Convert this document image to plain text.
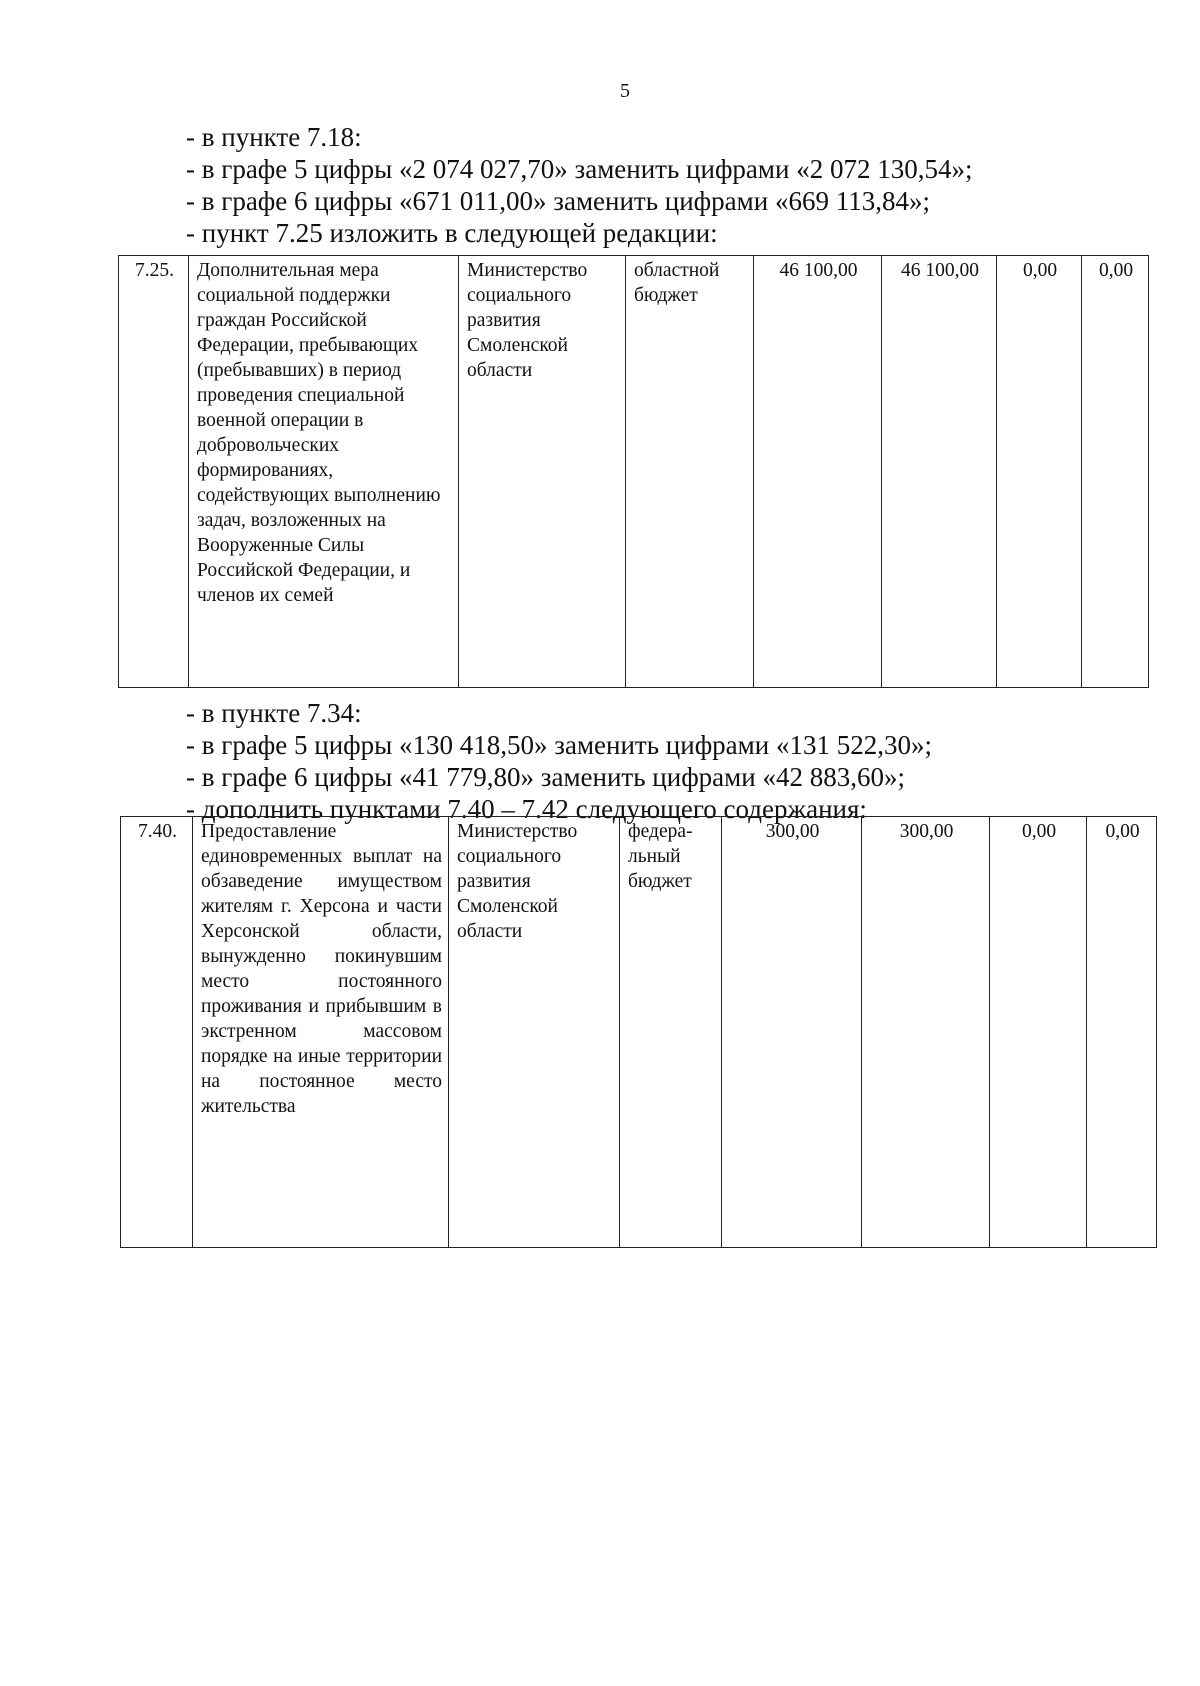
5
- в пункте 7.18:
- в графе 5 цифры «2 074 027,70» заменить цифрами «2 072 130,54»;
- в графе 6 цифры «671 011,00» заменить цифрами «669 113,84»;
- пункт 7.25 изложить в следующей редакции:
7.25.	Дополнительная мера социальной поддержки граждан Российской Федерации, пребывающих (пребывавших) в период проведения специальной военной операции в добровольческих формированиях, содействующих выполнению задач, возложенных на Вооруженные Силы Российской Федерации, и членов их семей	Министерство социального развития Смоленской области	областной бюджет	46 100,00	46 100,00	0,00	0,00
- в пункте 7.34:
- в графе 5 цифры «130 418,50» заменить цифрами «131 522,30»;
- в графе 6 цифры «41 779,80» заменить цифрами «42 883,60»;
- дополнить пунктами 7.40 – 7.42 следующего содержания:
7.40.	Предоставление единовременных выплат на обзаведение имуществом жителям г. Херсона и части Херсонской области, вынужденно покинувшим место постоянного проживания и прибывшим в экстренном массовом порядке на иные территории на постоянное место жительства	Министерство социального развития Смоленской области	федера-льный бюджет	300,00	300,00	0,00	0,00
